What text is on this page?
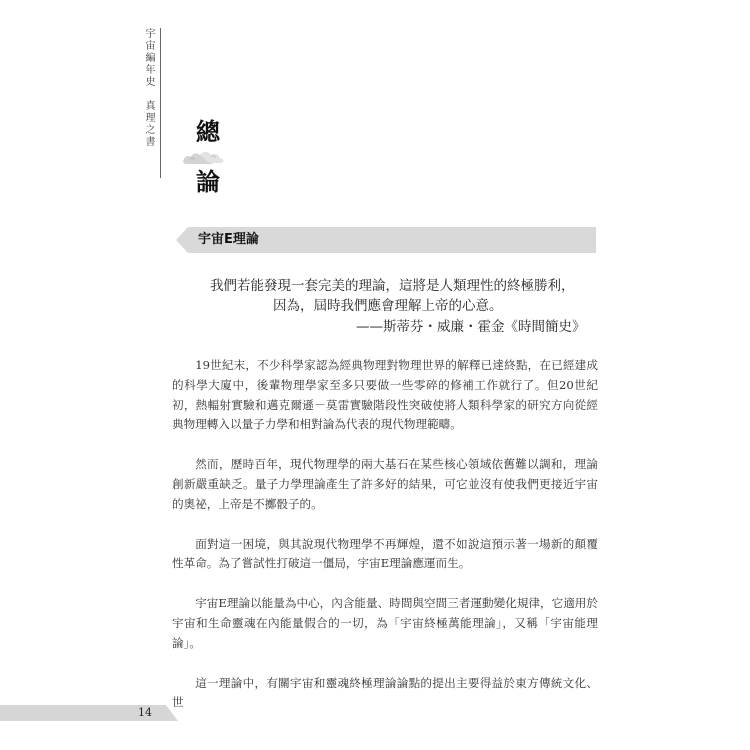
宇宙編年史　真理之書 總
論
宇宙E理論
我們若能發現一套完美的理論，這將是人類理性的終極勝利，
因為，屆時我們應會理解上帝的心意。
——斯蒂芬・威廉・霍金《時間簡史》

19世紀末，不少科學家認為經典物理對物理世界的解釋已達終點，在已經建成的科學大廈中，後輩物理學家至多只要做一些零碎的修補工作就行了。但20世紀初，熱輻射實驗和邁克爾遜－莫雷實驗階段性突破使將人類科學家的研究方向從經典物理轉入以量子力學和相對論為代表的現代物理範疇。

然而，歷時百年，現代物理學的兩大基石在某些核心領域依舊難以調和，理論創新嚴重缺乏。量子力學理論產生了許多好的結果，可它並沒有使我們更接近宇宙的奧祕，上帝是不擲骰子的。

面對這一困境，與其說現代物理學不再輝煌，還不如說這預示著一場新的顛覆性革命。為了嘗試性打破這一僵局，宇宙E理論應運而生。

宇宙E理論以能量為中心，內含能量、時間與空間三者運動變化規律，它適用於宇宙和生命靈魂在內能量假合的一切，為「宇宙終極萬能理論」，又稱「宇宙能理論」。

這一理論中，有關宇宙和靈魂終極理論論點的提出主要得益於東方傳統文化、世

14
